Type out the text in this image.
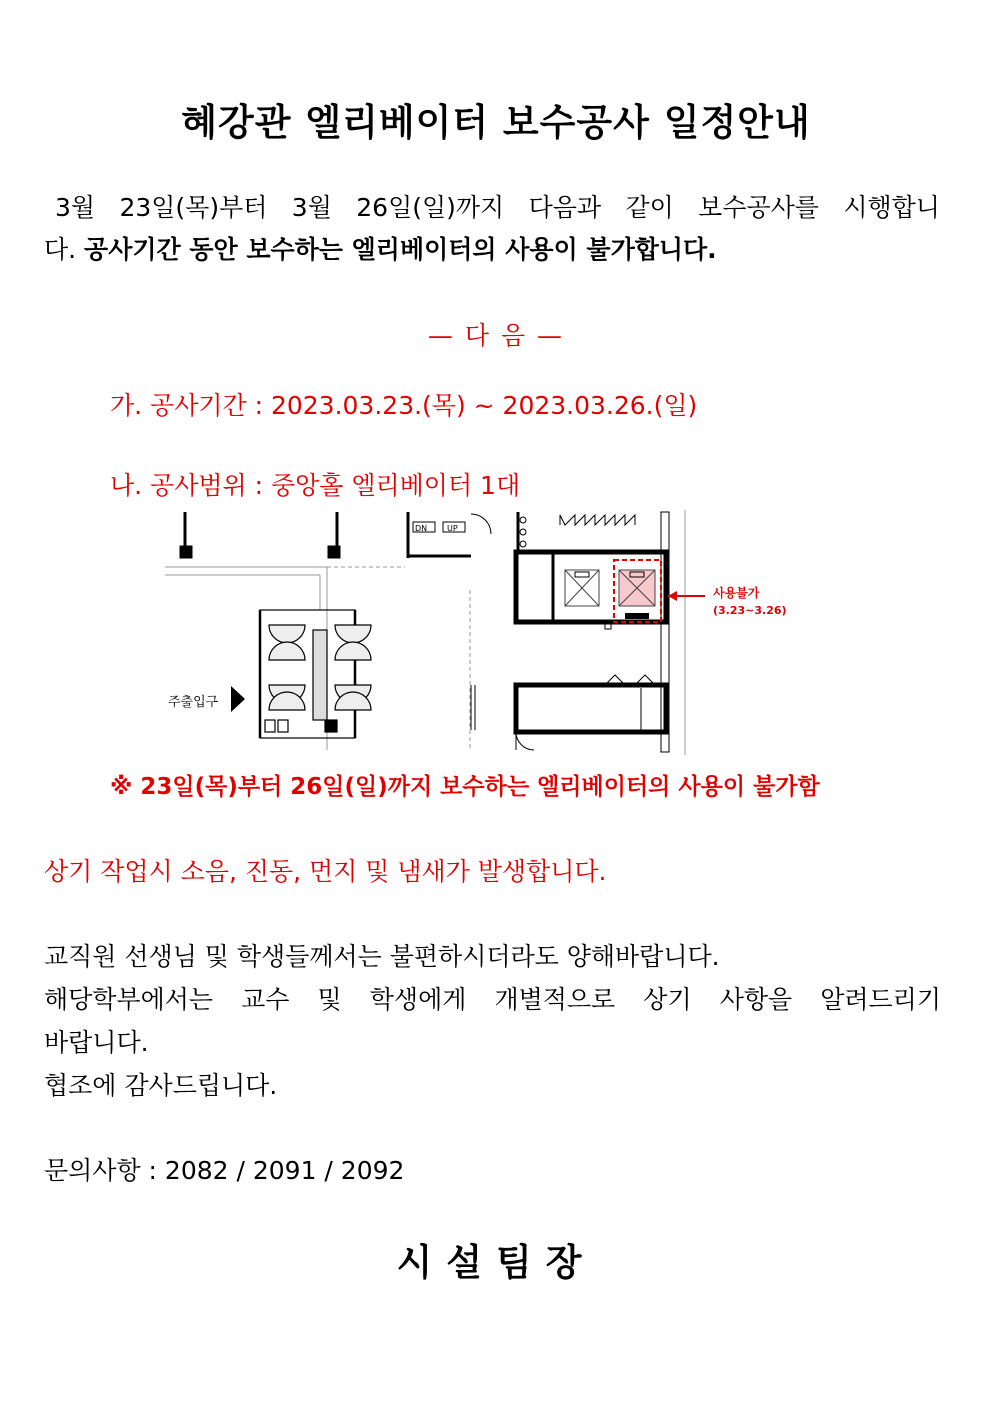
혜강관 엘리베이터 보수공사 일정안내
3월 23일(목)부터 3월 26일(일)까지 다음과 같이 보수공사를 시행합니
다. 공사기간 동안 보수하는 엘리베이터의 사용이 불가합니다.
— 다 음 —
가. 공사기간 : 2023.03.23.(목) ~ 2023.03.26.(일)
나. 공사범위 : 중앙홀 엘리베이터 1대
주출입구
DN UP
사용불가
(3.23~3.26)
※ 23일(목)부터 26일(일)까지 보수하는 엘리베이터의 사용이 불가함
상기 작업시 소음, 진동, 먼지 및 냄새가 발생합니다.
교직원 선생님 및 학생들께서는 불편하시더라도 양해바랍니다.
해당학부에서는 교수 및 학생에게 개별적으로 상기 사항을 알려드리기
바랍니다.
협조에 감사드립니다.
문의사항 : 2082 / 2091 / 2092
시설팀장
